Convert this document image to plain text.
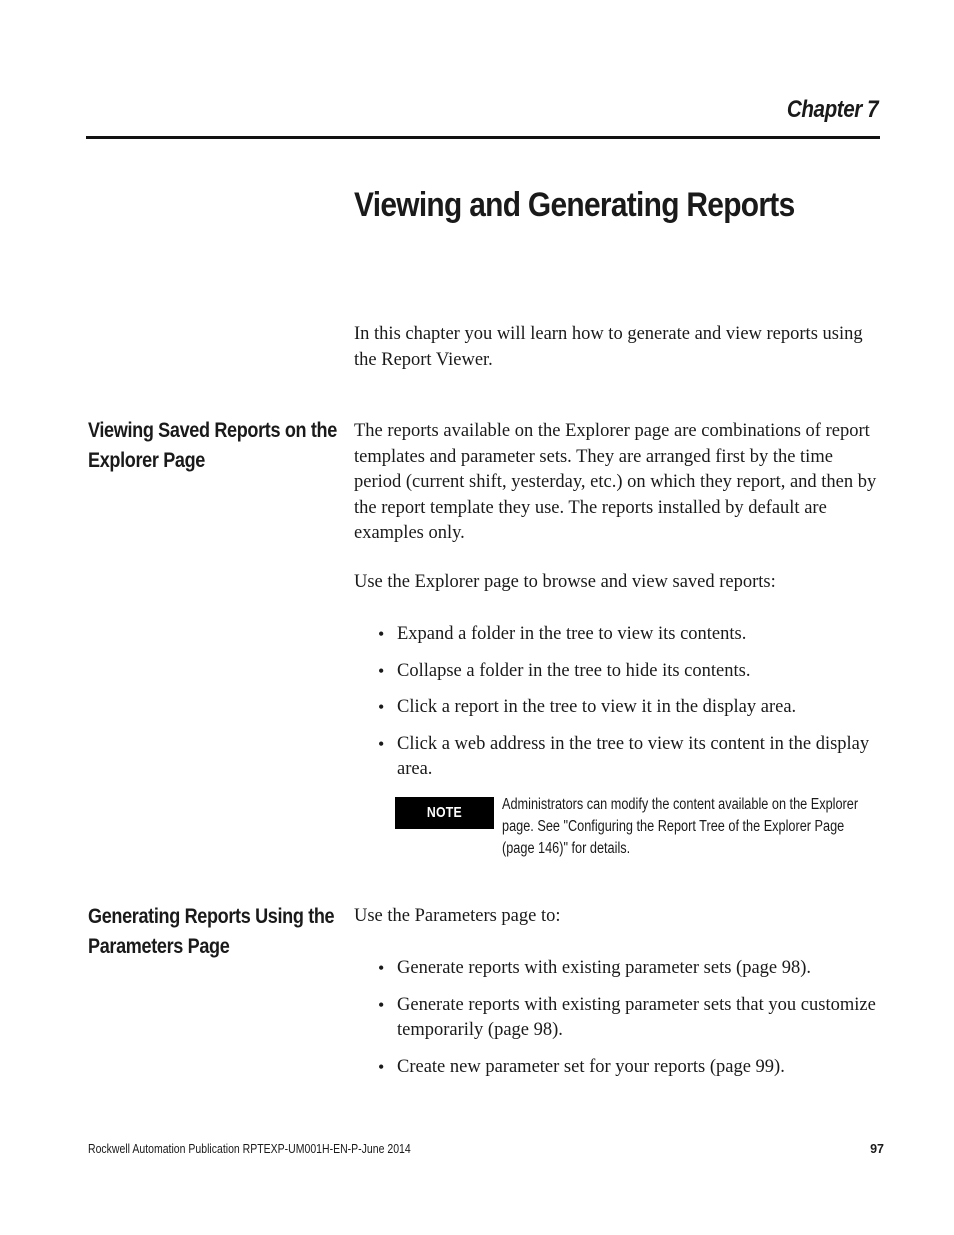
Chapter 7
Viewing and Generating Reports

In this chapter you will learn how to generate and view reports using the Report Viewer.

Viewing Saved Reports on the Explorer Page

The reports available on the Explorer page are combinations of report templates and parameter sets. They are arranged first by the time period (current shift, yesterday, etc.) on which they report, and then by the report template they use. The reports installed by default are examples only.

Use the Explorer page to browse and view saved reports:

• Expand a folder in the tree to view its contents.
• Collapse a folder in the tree to hide its contents.
• Click a report in the tree to view it in the display area.
• Click a web address in the tree to view its content in the display area.
NOTE	Administrators can modify the content available on the Explorer page. See "Configuring the Report Tree of the Explorer Page (page 146)" for details.
Generating Reports Using the Parameters Page

Use the Parameters page to:

• Generate reports with existing parameter sets (page 98).
• Generate reports with existing parameter sets that you customize temporarily (page 98).
• Create new parameter set for your reports (page 99).
Rockwell Automation Publication RPTEXP-UM001H-EN-P-June 2014	97
